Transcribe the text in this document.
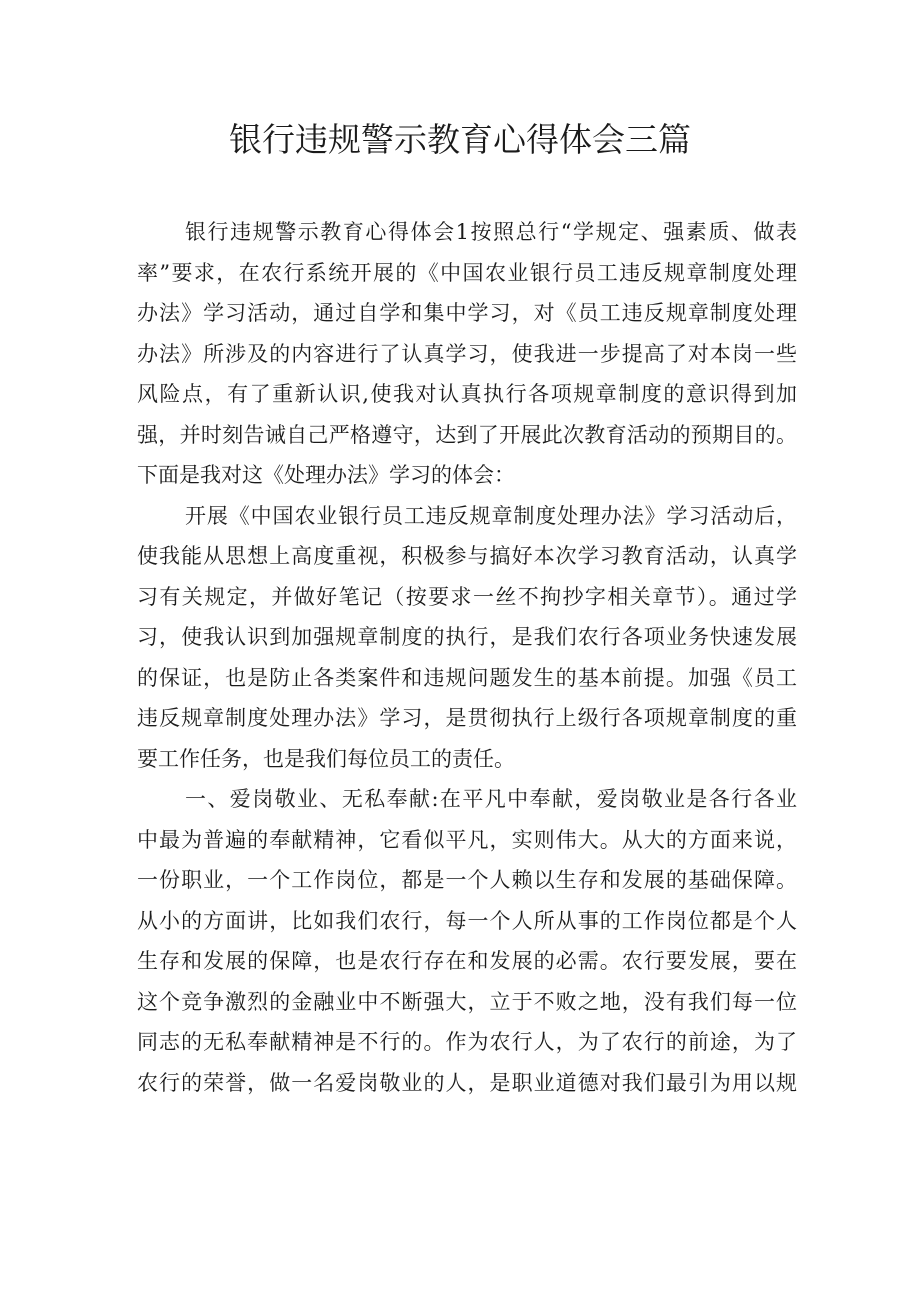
银行违规警示教育心得体会三篇
银行违规警示教育心得体会1按照总行“学规定、强素质、做表
率”要求，在农行系统开展的《中国农业银行员工违反规章制度处理
办法》学习活动，通过自学和集中学习，对《员工违反规章制度处理
办法》所涉及的内容进行了认真学习，使我进一步提高了对本岗一些
风险点，有了重新认识,使我对认真执行各项规章制度的意识得到加
强，并时刻告诫自己严格遵守，达到了开展此次教育活动的预期目的。
下面是我对这《处理办法》学习的体会：
开展《中国农业银行员工违反规章制度处理办法》学习活动后，
使我能从思想上高度重视，积极参与搞好本次学习教育活动，认真学
习有关规定，并做好笔记（按要求一丝不拘抄字相关章节）。通过学
习，使我认识到加强规章制度的执行，是我们农行各项业务快速发展
的保证，也是防止各类案件和违规问题发生的基本前提。加强《员工
违反规章制度处理办法》学习，是贯彻执行上级行各项规章制度的重
要工作任务，也是我们每位员工的责任。
一、爱岗敬业、无私奉献:在平凡中奉献，爱岗敬业是各行各业
中最为普遍的奉献精神，它看似平凡，实则伟大。从大的方面来说，
一份职业，一个工作岗位，都是一个人赖以生存和发展的基础保障。
从小的方面讲，比如我们农行，每一个人所从事的工作岗位都是个人
生存和发展的保障，也是农行存在和发展的必需。农行要发展，要在
这个竞争激烈的金融业中不断强大，立于不败之地，没有我们每一位
同志的无私奉献精神是不行的。作为农行人，为了农行的前途，为了
农行的荣誉，做一名爱岗敬业的人，是职业道德对我们最引为用以规
